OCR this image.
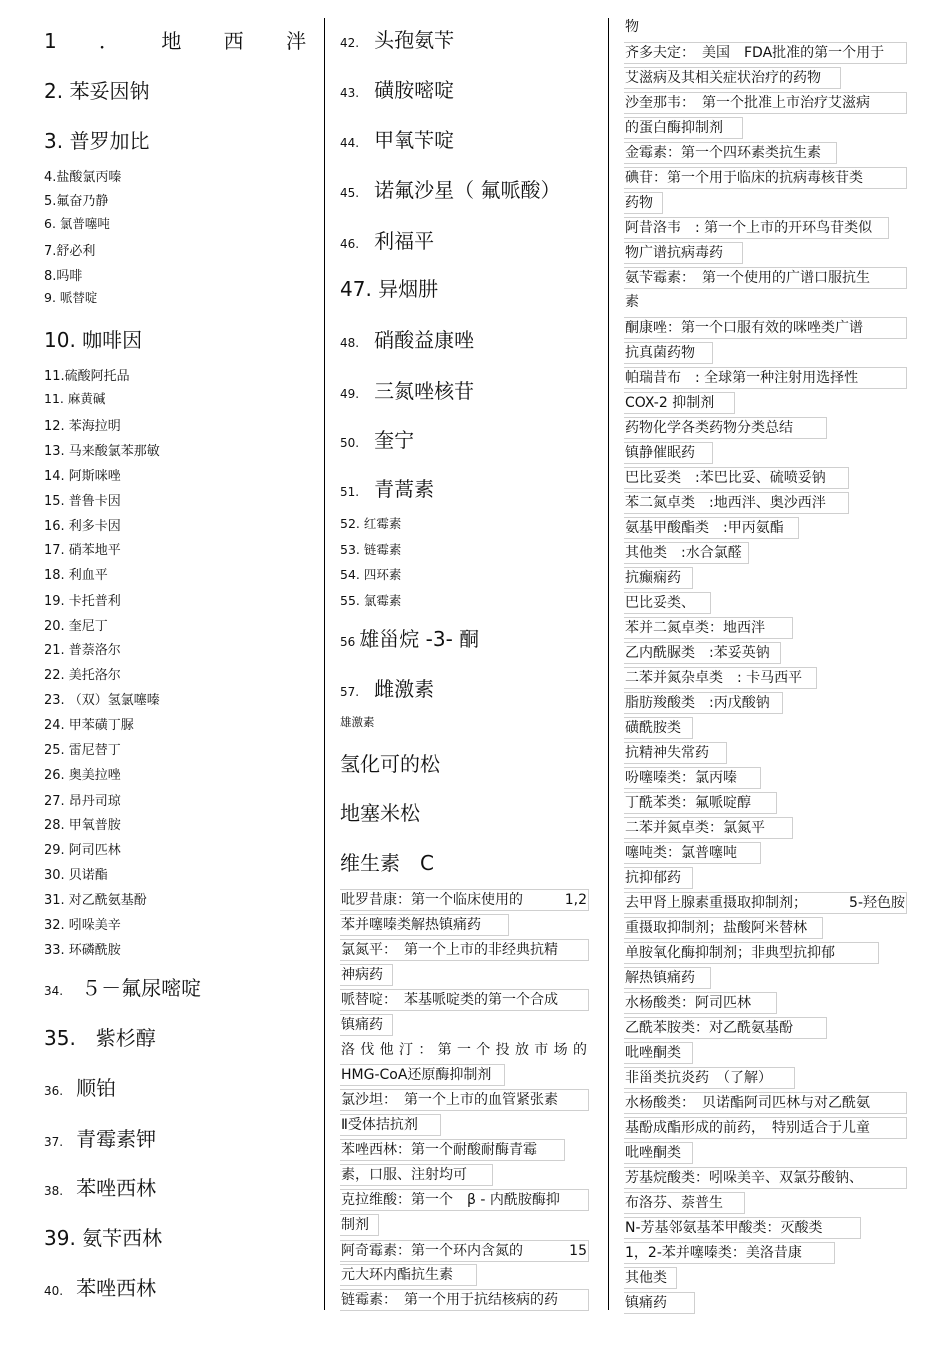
1 ． 地 西 泮
2. 苯妥因钠
3. 普罗加比
4.盐酸氯丙嗪
5.氟奋乃静
6. 氯普噻吨
7.舒必利
8.吗啡
9. 哌替啶
10. 咖啡因
11.硫酸阿托品
11. 麻黄碱
12. 苯海拉明
13. 马来酸氯苯那敏
14. 阿斯咪唑
15. 普鲁卡因
16. 利多卡因
17. 硝苯地平
18. 利血平
19. 卡托普利
20. 奎尼丁
21. 普萘洛尔
22. 美托洛尔
23. （双）氢氯噻嗪
24. 甲苯磺丁脲
25. 雷尼替丁
26. 奥美拉唑
27. 昂丹司琼
28. 甲氧普胺
29. 阿司匹林
30. 贝诺酯
31. 对乙酰氨基酚
32. 吲哚美辛
33. 环磷酰胺
34. ５－氟尿嘧啶
35.　紫杉醇
36. 顺铂
37. 青霉素钾
38. 苯唑西林
39. 氨苄西林
40. 苯唑西林
42. 头孢氨苄
43. 磺胺嘧啶
44. 甲氧苄啶
45. 诺氟沙星（ 氟哌酸）
46. 利福平
47. 异烟肼
48. 硝酸益康唑
49. 三氮唑核苷
50. 奎宁
51. 青蒿素
52. 红霉素
53. 链霉素
54. 四环素
55. 氯霉素
56 雄甾烷 -3- 酮
57. 雌激素
雄激素
氢化可的松
地塞米松
维生素　C
吡罗昔康：第一个临床使用的	1,2
苯并噻嗪类解热镇痛药
氯氮平：　第一个上市的非经典抗精
神病药
哌替啶：　苯基哌啶类的第一个合成
镇痛药
洛 伐 他 汀 ： 第 一 个 投 放 市 场 的
HMG-CoA还原酶抑制剂
氯沙坦：　第一个上市的血管紧张素
Ⅱ受体拮抗剂
苯唑西林：第一个耐酸耐酶青霉
素，口服、注射均可
克拉维酸：第一个　β - 内酰胺酶抑
制剂
阿奇霉素：第一个环内含氮的	15
元大环内酯抗生素
链霉素：　第一个用于抗结核病的药
物
齐多夫定：　美国　FDA批准的第一个用于
艾滋病及其相关症状治疗的药物
沙奎那韦：　第一个批准上市治疗艾滋病
的蛋白酶抑制剂
金霉素：第一个四环素类抗生素
碘苷：第一个用于临床的抗病毒核苷类
药物
阿昔洛韦　: 第一个上市的开环鸟苷类似
物广谱抗病毒药
氨苄霉素：　第一个使用的广谱口服抗生
素
酮康唑：第一个口服有效的咪唑类广谱
抗真菌药物
帕瑞昔布　: 全球第一种注射用选择性
COX-2 抑制剂
药物化学各类药物分类总结
镇静催眠药
巴比妥类　:苯巴比妥、硫喷妥钠
苯二氮卓类　:地西泮、奥沙西泮
氨基甲酸酯类　:甲丙氨酯
其他类　:水合氯醛
抗癫痫药
巴比妥类、
苯并二氮卓类：地西泮
乙内酰脲类　:苯妥英钠
二苯并氮杂卓类　: 卡马西平
脂肪羧酸类　:丙戊酸钠
磺酰胺类
抗精神失常药
吩噻嗪类：氯丙嗪
丁酰苯类：氟哌啶醇
二苯并氮卓类：氯氮平
噻吨类：氯普噻吨
抗抑郁药
去甲肾上腺素重摄取抑制剂；	5-羟色胺
重摄取抑制剂；盐酸阿米替林
单胺氧化酶抑制剂；非典型抗抑郁
解热镇痛药
水杨酸类：阿司匹林
乙酰苯胺类：对乙酰氨基酚
吡唑酮类
非甾类抗炎药　（了解）
水杨酸类：　贝诺酯阿司匹林与对乙酰氨
基酚成酯形成的前药，　特别适合于儿童
吡唑酮类
芳基烷酸类：吲哚美辛、双氯芬酸钠、
布洛芬、萘普生
N-芳基邻氨基苯甲酸类：灭酸类
1，2-苯并噻嗪类：美洛昔康
其他类
镇痛药
